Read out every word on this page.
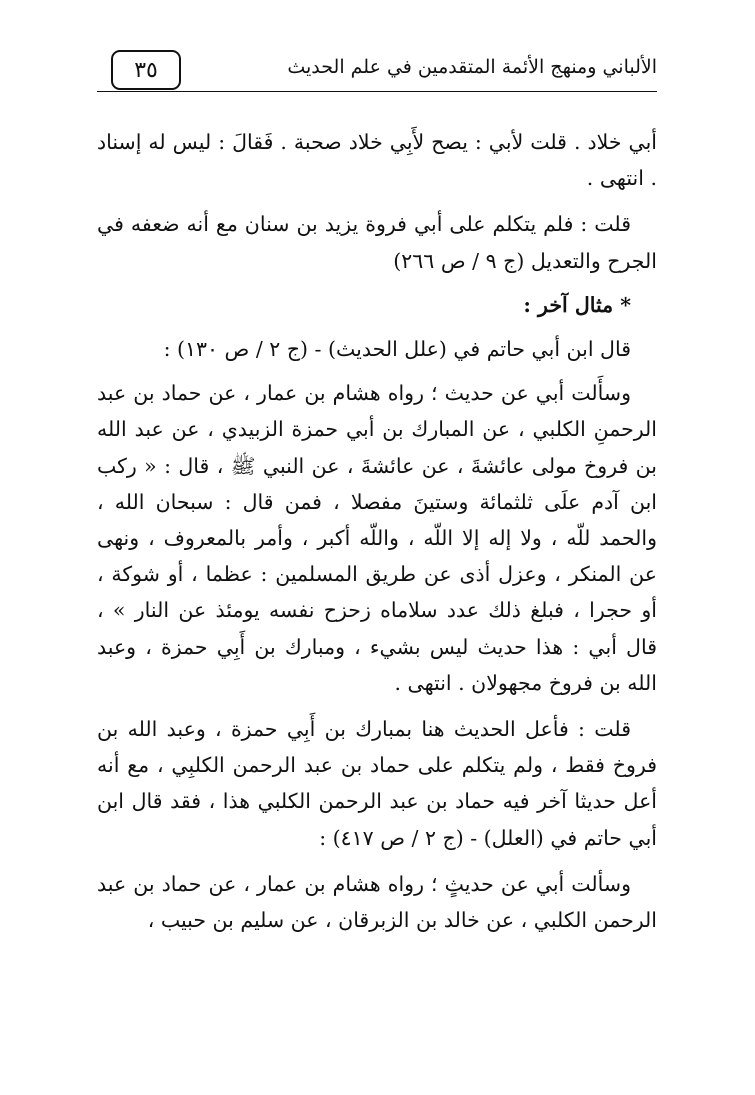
٣٥	الألباني ومنهج الأئمة المتقدمين في علم الحديث

أبي خلاد . قلت لأبي : يصح لأَبِي خلاد صحبة . فَقالَ : ليس له إسناد . انتهى .

قلت : فلم يتكلم على أبي فروة يزيد بن سنان مع أنه ضعفه في الجرح والتعديل (ج ٩ / ص ٢٦٦)

* مثال آخر :

قال ابن أبي حاتم في (علل الحديث) - (ج ٢ / ص ١٣٠) :

وسأَلت أبي عن حديث ؛ رواه هشام بن عمار ، عن حماد بن عبد الرحمنِ الكلبي ، عن المبارك بن أبي حمزة الزبيدي ، عن عبد الله بن فروخ مولى عائشةَ ، عن عائشةَ ، عن النبي ﷺ ، قال : « ركب ابن آدم علَى ثلثمائة وستينَ مفصلا ، فمن قال : سبحان الله ، والحمد للّه ، ولا إله إلا اللّه ، واللّه أكبر ، وأمر بالمعروف ، ونهى عن المنكر ، وعزل أذى عن طريق المسلمين : عظما ، أو شوكة ، أو حجرا ، فبلغ ذلك عدد سلاماه زحزح نفسه يومئذ عن النار » ، قال أبي : هذا حديث ليس بشيء ، ومبارك بن أَبِي حمزة ، وعبد الله بن فروخ مجهولان . انتهى .

قلت : فأعل الحديث هنا بمبارك بن أَبِي حمزة ، وعبد الله بن فروخ فقط ، ولم يتكلم على حماد بن عبد الرحمن الكلبِي ، مع أنه أعل حديثا آخر فيه حماد بن عبد الرحمن الكلبي هذا ، فقد قال ابن أبي حاتم في (العلل) - (ج ٢ / ص ٤١٧) :

وسألت أبي عن حديثٍ ؛ رواه هشام بن عمار ، عن حماد بن عبد الرحمن الكلبي ، عن خالد بن الزبرقان ، عن سليم بن حبيب ،
